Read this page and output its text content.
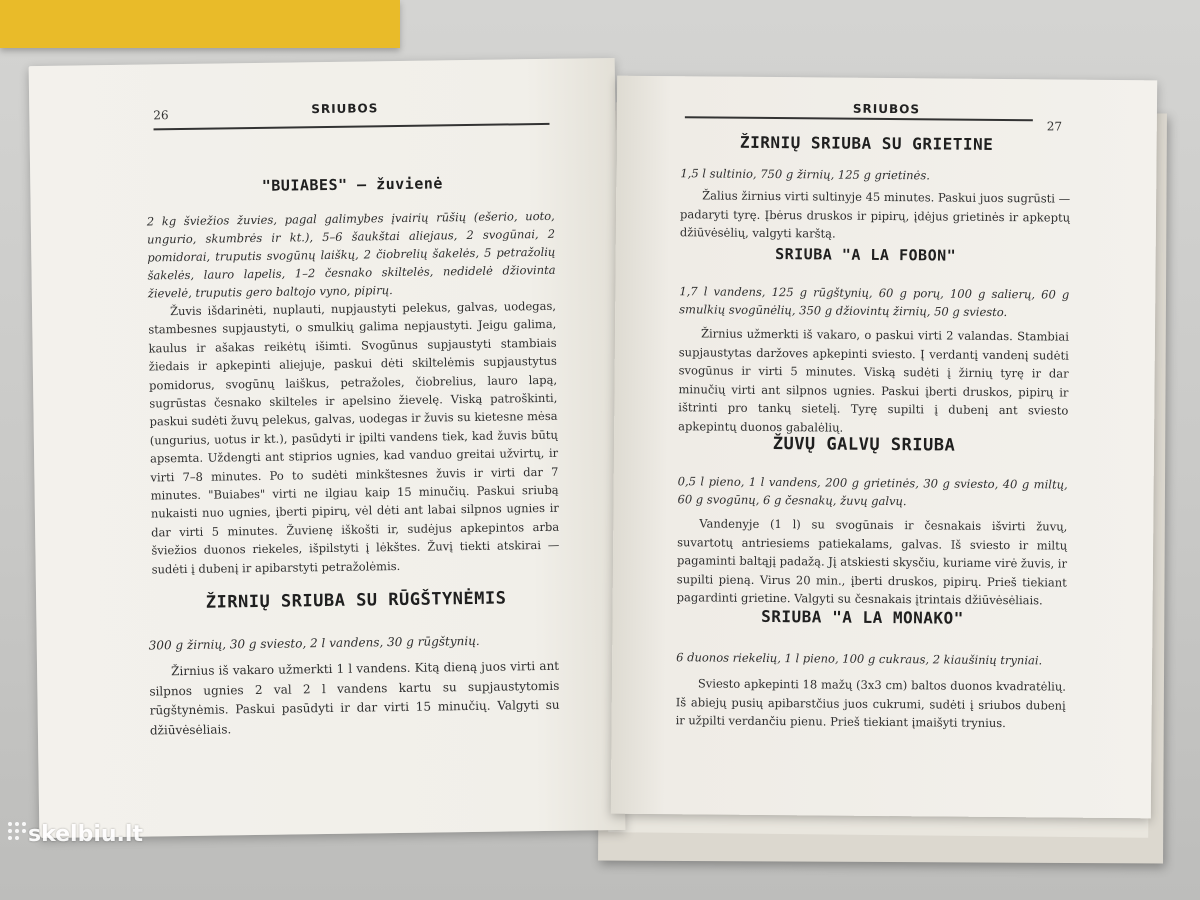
26	SRIUBOS
"BUIABES" — žuvienė

2 kg šviežios žuvies, pagal galimybes įvairių rūšių (ešerio, uoto, ungurio, skumbrės ir kt.), 5–6 šaukštai aliejaus, 2 svogūnai, 2 pomidorai, truputis svogūnų laiškų, 2 čiobrelių šakelės, 5 petražolių šakelės, lauro lapelis, 1–2 česnako skiltelės, nedidelė džiovinta žievelė, truputis gero baltojo vyno, pipirų.

Žuvis išdarinėti, nuplauti, nupjaustyti pelekus, galvas, uodegas, stambesnes supjaustyti, o smulkių galima nepjaustyti. Jeigu galima, kaulus ir ašakas reikėtų išimti. Svogūnus supjaustyti stambiais žiedais ir apkepinti aliejuje, paskui dėti skiltelėmis supjaustytus pomidorus, svogūnų laiškus, petražoles, čiobrelius, lauro lapą, sugrūstas česnako skilteles ir apelsino žievelę. Viską patroškinti, paskui sudėti žuvų pelekus, galvas, uodegas ir žuvis su kietesne mėsa (ungurius, uotus ir kt.), pasūdyti ir įpilti vandens tiek, kad žuvis būtų apsemta. Uždengti ant stiprios ugnies, kad vanduo greitai užvirtų, ir virti 7–8 minutes. Po to sudėti minkštesnes žuvis ir virti dar 7 minutes. "Buiabes" virti ne ilgiau kaip 15 minučių. Paskui sriubą nukaisti nuo ugnies, įberti pipirų, vėl dėti ant labai silpnos ugnies ir dar virti 5 minutes. Žuvienę iškošti ir, sudėjus apkepintos arba šviežios duonos riekeles, išpilstyti į lėkštes. Žuvį tiekti atskirai — sudėti į dubenį ir apibarstyti petražolėmis.

ŽIRNIŲ SRIUBA SU RŪGŠTYNĖMIS

300 g žirnių, 30 g sviesto, 2 l vandens, 30 g rūgštynių.

Žirnius iš vakaro užmerkti 1 l vandens. Kitą dieną juos virti ant silpnos ugnies 2 val 2 l vandens kartu su supjaustytomis rūgštynėmis. Paskui pasūdyti ir dar virti 15 minučių. Valgyti su džiūvėsėliais.

SRIUBOS
27
ŽIRNIŲ SRIUBA SU GRIETINE

1,5 l sultinio, 750 g žirnių, 125 g grietinės.

Žalius žirnius virti sultinyje 45 minutes. Paskui juos sugrūsti — padaryti tyrę. Įbėrus druskos ir pipirų, įdėjus grietinės ir apkeptų džiūvėsėlių, valgyti karštą.

SRIUBA "A LA FOBON"

1,7 l vandens, 125 g rūgštynių, 60 g porų, 100 g salierų, 60 g smulkių svogūnėlių, 350 g džiovintų žirnių, 50 g sviesto.

Žirnius užmerkti iš vakaro, o paskui virti 2 valandas. Stambiai supjaustytas daržoves apkepinti sviesto. Į verdantį vandenį sudėti svogūnus ir virti 5 minutes. Viską sudėti į žirnių tyrę ir dar minučių virti ant silpnos ugnies. Paskui įberti druskos, pipirų ir ištrinti pro tankų sietelį. Tyrę supilti į dubenį ant sviesto apkepintų duonos gabalėlių.

ŽUVŲ GALVŲ SRIUBA

0,5 l pieno, 1 l vandens, 200 g grietinės, 30 g sviesto, 40 g miltų, 60 g svogūnų, 6 g česnakų, žuvų galvų.

Vandenyje (1 l) su svogūnais ir česnakais išvirti žuvų, suvartotų antriesiems patiekalams, galvas. Iš sviesto ir miltų pagaminti baltąjį padažą. Jį atskiesti skysčiu, kuriame virė žuvis, ir supilti pieną. Virus 20 min., įberti druskos, pipirų. Prieš tiekiant pagardinti grietine. Valgyti su česnakais įtrintais džiūvėsėliais.

SRIUBA "A LA MONAKO"

6 duonos riekelių, 1 l pieno, 100 g cukraus, 2 kiaušinių tryniai.

Sviesto apkepinti 18 mažų (3x3 cm) baltos duonos kvadratėlių. Iš abiejų pusių apibarstčius juos cukrumi, sudėti į sriubos dubenį ir užpilti verdančiu pienu. Prieš tiekiant įmaišyti trynius.

skelbiu.lt
